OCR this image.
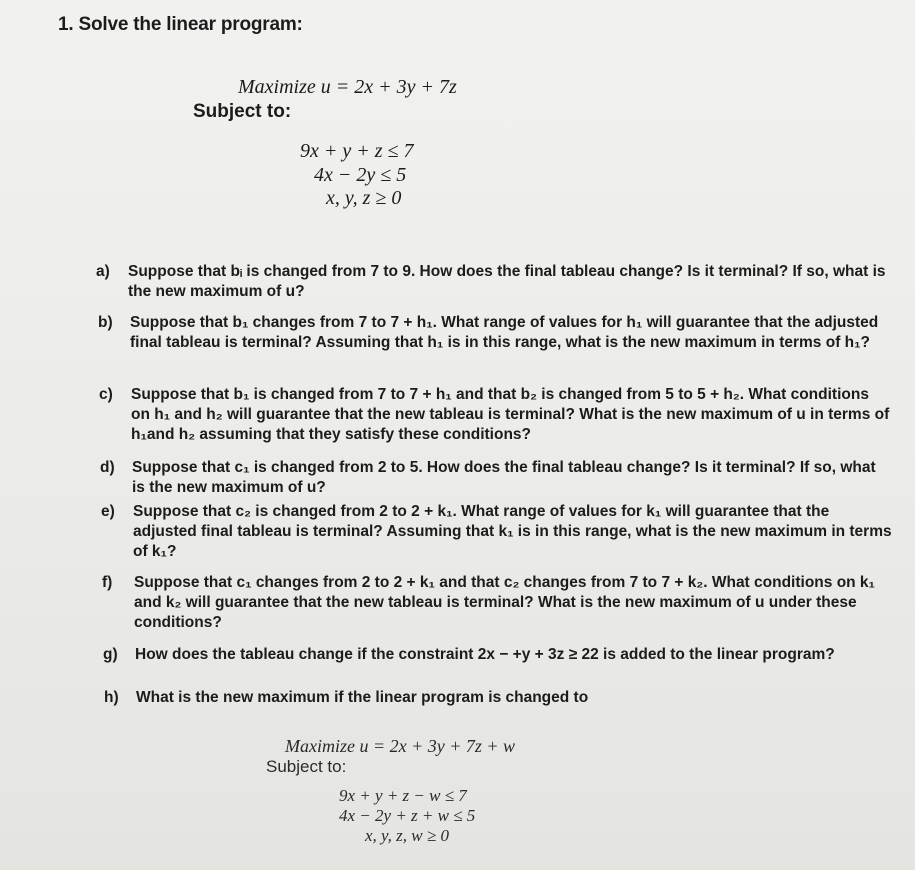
1. Solve the linear program:
Maximize u = 2x + 3y + 7z
Subject to:
9x + y + z ≤ 7
4x − 2y ≤ 5
x, y, z ≥ 0
a) Suppose that bᵢ is changed from 7 to 9. How does the final tableau change? Is it terminal? If so, what is the new maximum of u?
b) Suppose that b₁ changes from 7 to 7 + h₁. What range of values for h₁ will guarantee that the adjusted final tableau is terminal? Assuming that h₁ is in this range, what is the new maximum in terms of h₁?
c) Suppose that b₁ is changed from 7 to 7 + h₁ and that b₂ is changed from 5 to 5 + h₂. What conditions on h₁ and h₂ will guarantee that the new tableau is terminal? What is the new maximum of u in terms of h₁and h₂ assuming that they satisfy these conditions?
d) Suppose that c₁ is changed from 2 to 5. How does the final tableau change? Is it terminal? If so, what is the new maximum of u?
e) Suppose that c₂ is changed from 2 to 2 + k₁. What range of values for k₁ will guarantee that the adjusted final tableau is terminal? Assuming that k₁ is in this range, what is the new maximum in terms of k₁?
f) Suppose that c₁ changes from 2 to 2 + k₁ and that c₂ changes from 7 to 7 + k₂. What conditions on k₁ and k₂ will guarantee that the new tableau is terminal? What is the new maximum of u under these conditions?
g) How does the tableau change if the constraint 2x − +y + 3z ≥ 22 is added to the linear program?
h) What is the new maximum if the linear program is changed to
Maximize u = 2x + 3y + 7z + w
Subject to:
9x + y + z − w ≤ 7
4x − 2y + z + w ≤ 5
x, y, z, w ≥ 0
